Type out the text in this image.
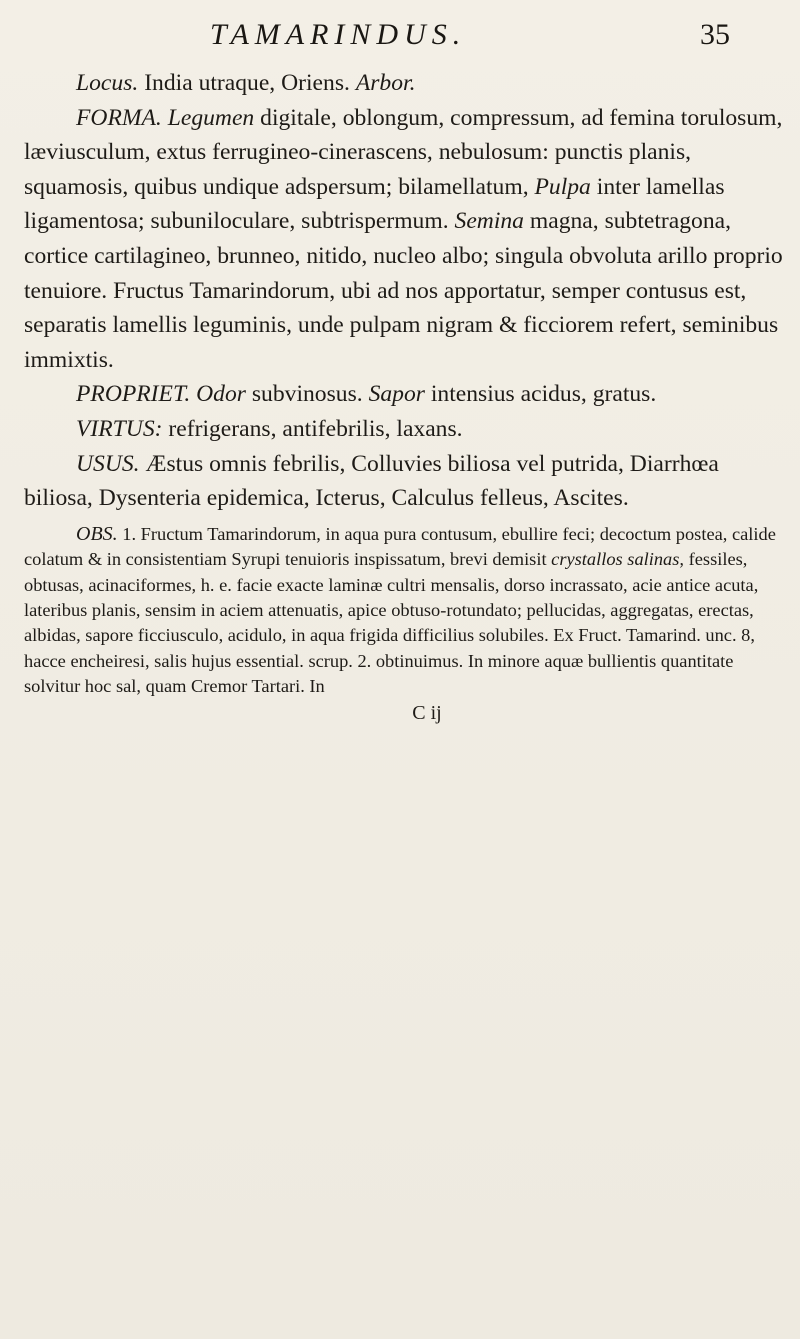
TAMARINDUS.	35

Locus. India utraque, Oriens. Arbor.

FORMA. Legumen digitale, oblongum, compressum, ad femina torulosum, læviusculum, extus ferrugineo-cinerascens, nebulosum: punctis planis, squamosis, quibus undique adspersum; bilamellatum, Pulpa inter lamellas ligamentosa; subuniloculare, subtrispermum. Semina magna, subtetragona, cortice cartilagineo, brunneo, nitido, nucleo albo; singula obvoluta arillo proprio tenuiore. Fructus Tamarindorum, ubi ad nos apportatur, semper contusus est, separatis lamellis leguminis, unde pulpam nigram & ficciorem refert, seminibus immixtis.

PROPRIET. Odor subvinosus. Sapor intensius acidus, gratus.

VIRTUS: refrigerans, antifebrilis, laxans.

USUS. Æstus omnis febrilis, Colluvies biliosa vel putrida, Diarrhœa biliosa, Dysenteria epidemica, Icterus, Calculus felleus, Ascites.

OBS. 1. Fructum Tamarindorum, in aqua pura contusum, ebullire feci; decoctum postea, calide colatum & in consistentiam Syrupi tenuioris inspissatum, brevi demisit crystallos salinas, fessiles, obtusas, acinaciformes, h. e. facie exacte laminæ cultri mensalis, dorso incrassato, acie antice acuta, lateribus planis, sensim in aciem attenuatis, apice obtuso-rotundato; pellucidas, aggregatas, erectas, albidas, sapore ficciusculo, acidulo, in aqua frigida difficilius solubiles. Ex Fruct. Tamarind. unc. 8, hacce encheiresi, salis hujus essential. scrup. 2. obtinuimus. In minore aquæ bullientis quantitate solvitur hoc sal, quam Cremor Tartari. In

C ij
